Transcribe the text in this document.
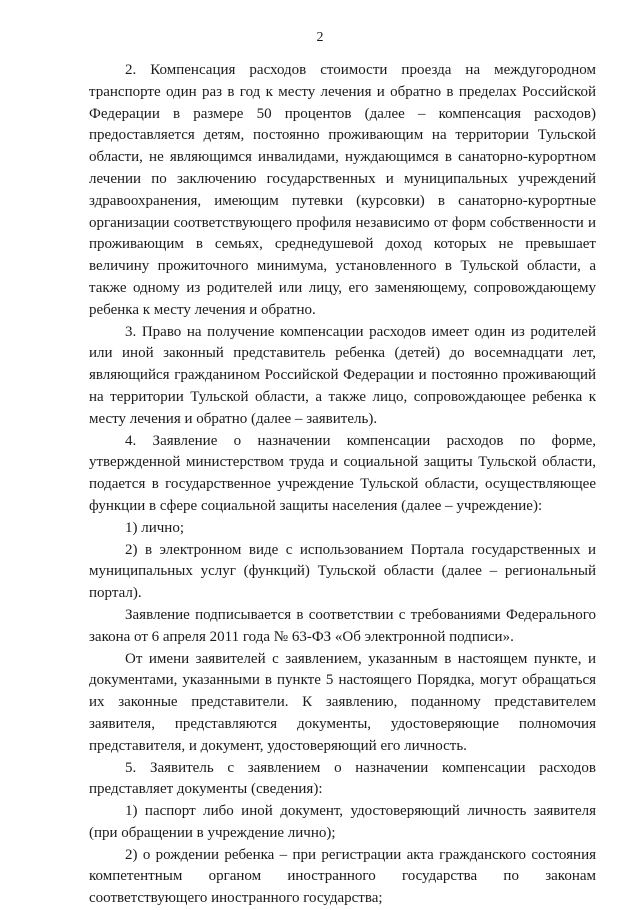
2

2. Компенсация расходов стоимости проезда на междугородном транспорте один раз в год к месту лечения и обратно в пределах Российской Федерации в размере 50 процентов (далее – компенсация расходов) предоставляется детям, постоянно проживающим на территории Тульской области, не являющимся инвалидами, нуждающимся в санаторно-курортном лечении по заключению государственных и муниципальных учреждений здравоохранения, имеющим путевки (курсовки) в санаторно-курортные организации соответствующего профиля независимо от форм собственности и проживающим в семьях, среднедушевой доход которых не превышает величину прожиточного минимума, установленного в Тульской области, а также одному из родителей или лицу, его заменяющему, сопровождающему ребенка к месту лечения и обратно.

3. Право на получение компенсации расходов имеет один из родителей или иной законный представитель ребенка (детей) до восемнадцати лет, являющийся гражданином Российской Федерации и постоянно проживающий на территории Тульской области, а также лицо, сопровождающее ребенка к месту лечения и обратно (далее – заявитель).

4. Заявление о назначении компенсации расходов по форме, утвержденной министерством труда и социальной защиты Тульской области, подается в государственное учреждение Тульской области, осуществляющее функции в сфере социальной защиты населения (далее – учреждение):

1) лично;

2) в электронном виде с использованием Портала государственных и муниципальных услуг (функций) Тульской области (далее – региональный портал).

Заявление подписывается в соответствии с требованиями Федерального закона от 6 апреля 2011 года № 63-ФЗ «Об электронной подписи».

От имени заявителей с заявлением, указанным в настоящем пункте, и документами, указанными в пункте 5 настоящего Порядка, могут обращаться их законные представители. К заявлению, поданному представителем заявителя, представляются документы, удостоверяющие полномочия представителя, и документ, удостоверяющий его личность.

5. Заявитель с заявлением о назначении компенсации расходов представляет документы (сведения):

1) паспорт либо иной документ, удостоверяющий личность заявителя (при обращении в учреждение лично);

2) о рождении ребенка – при регистрации акта гражданского состояния компетентным органом иностранного государства по законам соответствующего иностранного государства;
